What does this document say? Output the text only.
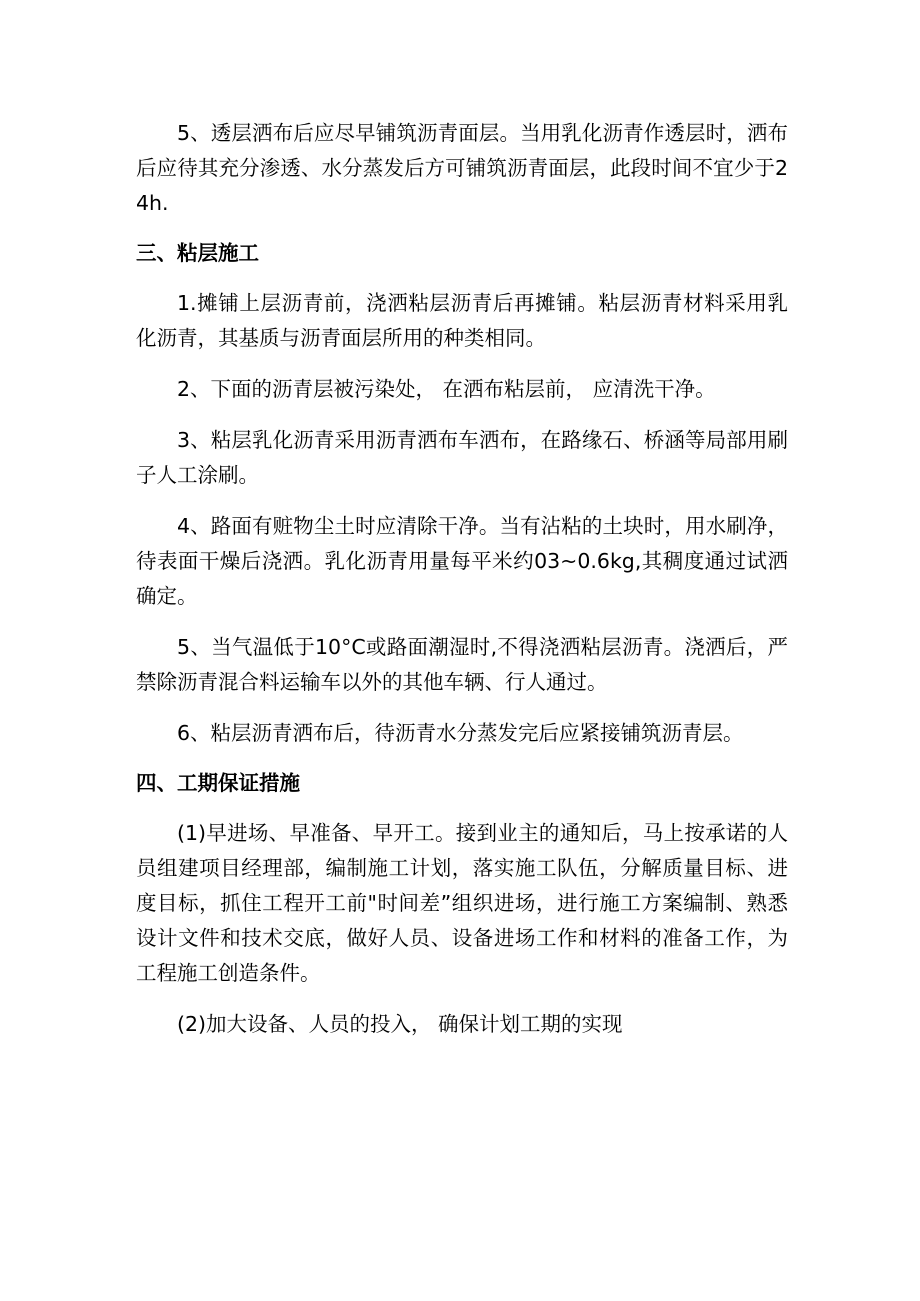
5、透层洒布后应尽早铺筑沥青面层。当用乳化沥青作透层时，洒布后应待其充分渗透、水分蒸发后方可铺筑沥青面层，此段时间不宜少于24h.

三、粘层施工

1.摊铺上层沥青前，浇洒粘层沥青后再摊铺。粘层沥青材料采用乳化沥青，其基质与沥青面层所用的种类相同。

2、下面的沥青层被污染处， 在洒布粘层前， 应清洗干净。

3、粘层乳化沥青采用沥青洒布车洒布，在路缘石、桥涵等局部用刷子人工涂刷。

4、路面有赃物尘土时应清除干净。当有沾粘的土块时，用水刷净，待表面干燥后浇洒。乳化沥青用量每平米约03~0.6kg,其稠度通过试洒确定。

5、当气温低于10°C或路面潮湿时,不得浇洒粘层沥青。浇洒后，严禁除沥青混合料运输车以外的其他车辆、行人通过。

6、粘层沥青洒布后，待沥青水分蒸发完后应紧接铺筑沥青层。

四、工期保证措施

(1)早进场、早准备、早开工。接到业主的通知后，马上按承诺的人员组建项目经理部，编制施工计划，落实施工队伍，分解质量目标、进度目标，抓住工程开工前"时间差”组织进场，进行施工方案编制、熟悉设计文件和技术交底，做好人员、设备进场工作和材料的准备工作，为工程施工创造条件。

(2)加大设备、人员的投入， 确保计划工期的实现
